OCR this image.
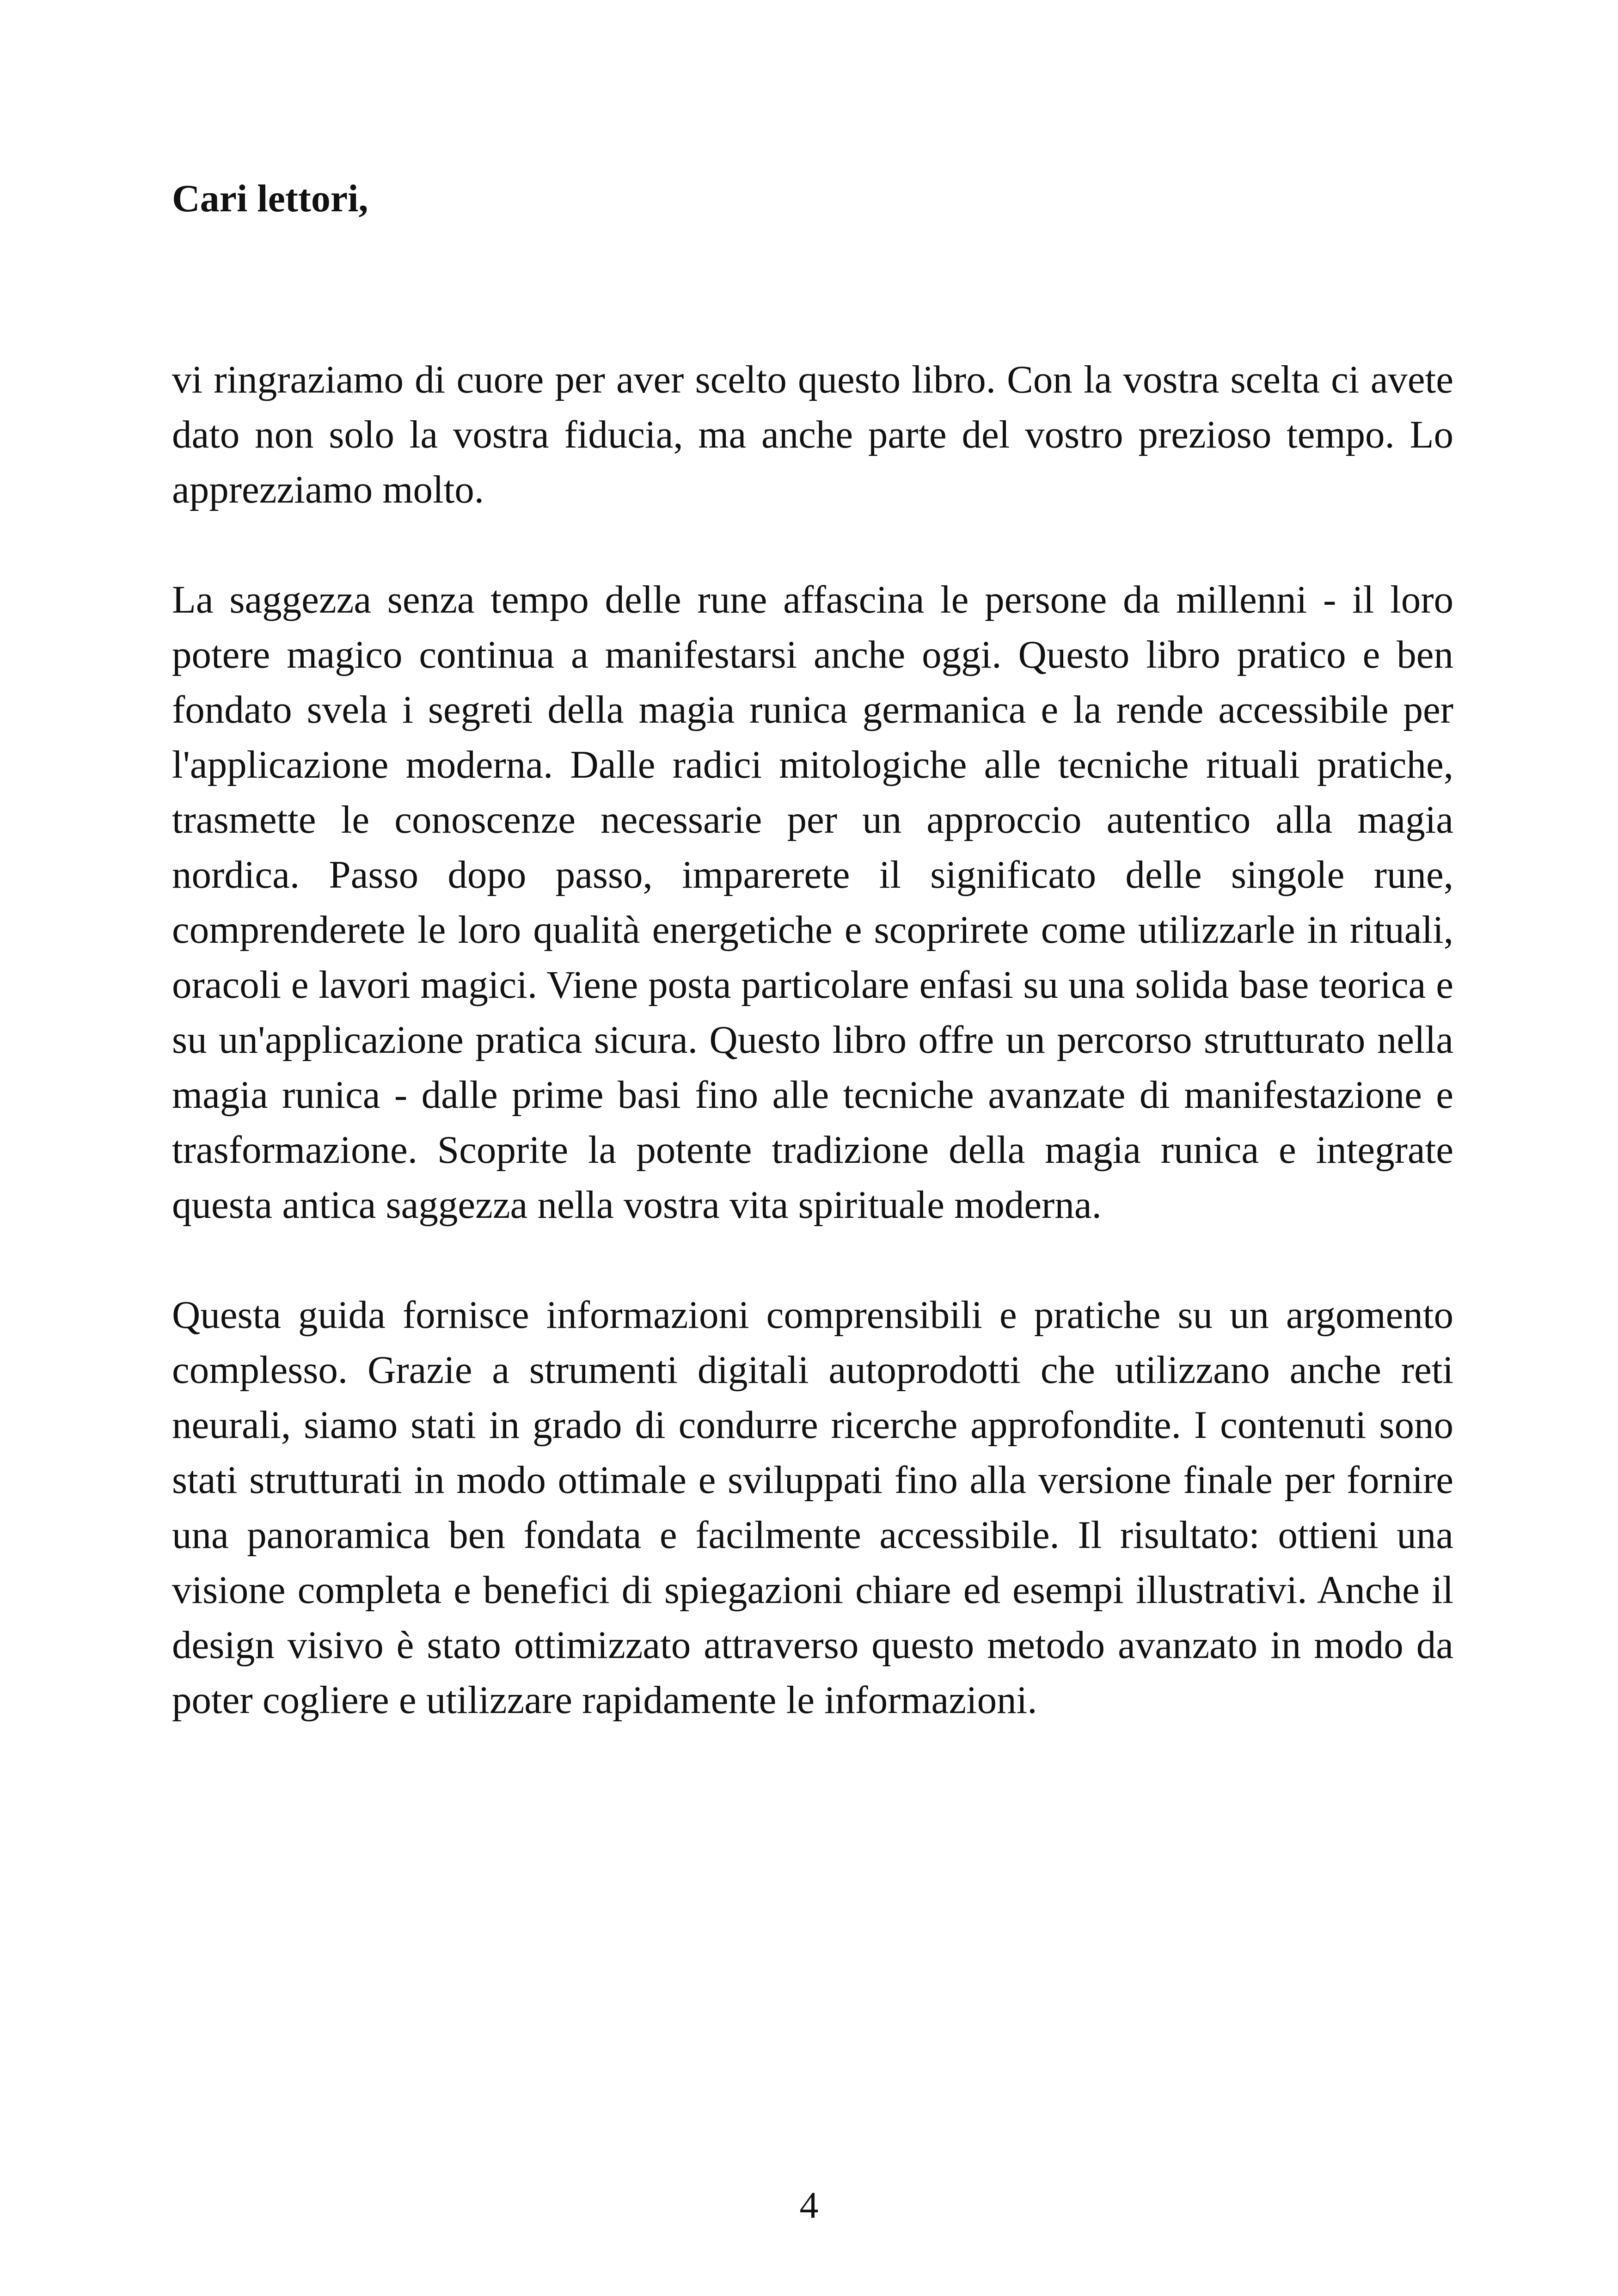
Cari lettori,

vi ringraziamo di cuore per aver scelto questo libro. Con la vostra scelta ci avete dato non solo la vostra fiducia, ma anche parte del vostro prezioso tempo. Lo apprezziamo molto.

La saggezza senza tempo delle rune affascina le persone da millenni - il loro potere magico continua a manifestarsi anche oggi. Questo libro pratico e ben fondato svela i segreti della magia runica germanica e la rende accessibile per l'applicazione moderna. Dalle radici mitologiche alle tecniche rituali pratiche, trasmette le conoscenze necessarie per un approccio autentico alla magia nordica. Passo dopo passo, imparerete il significato delle singole rune, comprenderete le loro qualità energetiche e scoprirete come utilizzarle in rituali, oracoli e lavori magici. Viene posta particolare enfasi su una solida base teorica e su un'applicazione pratica sicura. Questo libro offre un percorso strutturato nella magia runica - dalle prime basi fino alle tecniche avanzate di manifestazione e trasformazione. Scoprite la potente tradizione della magia runica e integrate questa antica saggezza nella vostra vita spirituale moderna.

Questa guida fornisce informazioni comprensibili e pratiche su un argomento complesso. Grazie a strumenti digitali autoprodotti che utilizzano anche reti neurali, siamo stati in grado di condurre ricerche approfondite. I contenuti sono stati strutturati in modo ottimale e sviluppati fino alla versione finale per fornire una panoramica ben fondata e facilmente accessibile. Il risultato: ottieni una visione completa e benefici di spiegazioni chiare ed esempi illustrativi. Anche il design visivo è stato ottimizzato attraverso questo metodo avanzato in modo da poter cogliere e utilizzare rapidamente le informazioni.

4
